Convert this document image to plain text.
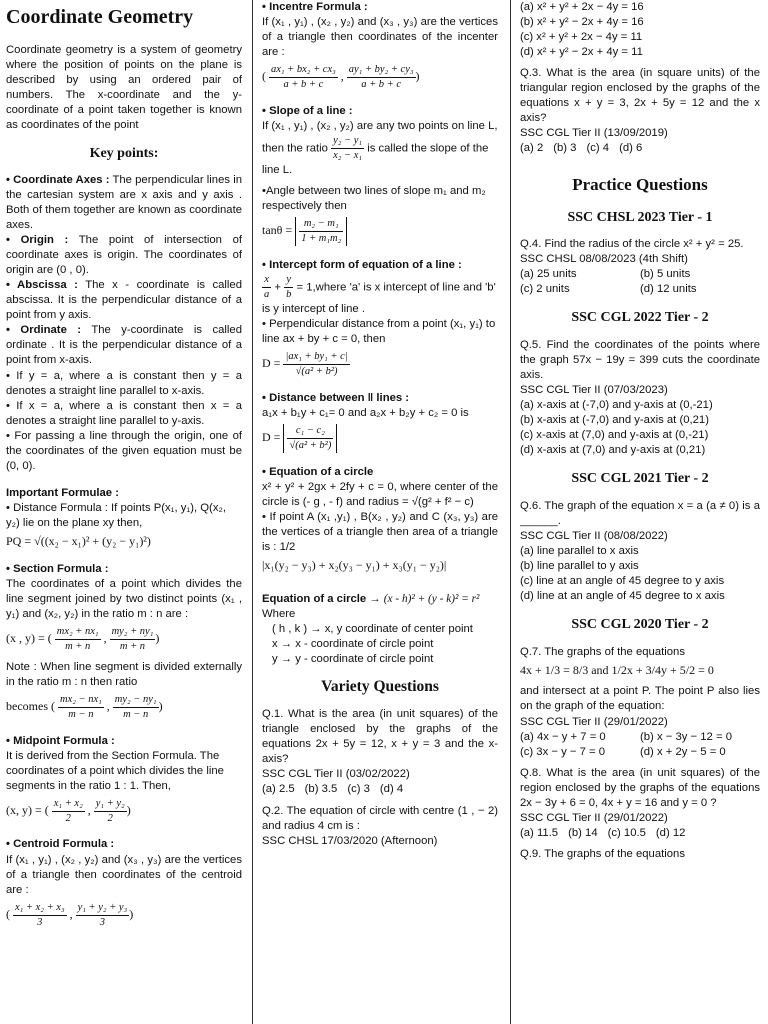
Coordinate Geometry

Coordinate geometry is a system of geometry where the position of points on the plane is described by using an ordered pair of numbers. The x-coordinate and the y- coordinate of a point taken together is known as coordinates of the point

Key points:

• Coordinate Axes : The perpendicular lines in the cartesian system are x axis and y axis . Both of them together are known as coordinate axes.

• Origin : The point of intersection of coordinate axes is origin. The coordinates of origin are (0 , 0).

• Abscissa : The x - coordinate is called abscissa. It is the perpendicular distance of a point from y axis.

• Ordinate : The y-coordinate is called ordinate . It is the perpendicular distance of a point from x-axis.

• If y = a, where a is constant then y = a denotes a straight line parallel to x-axis.

• If x = a, where a is constant then x = a denotes a straight line parallel to y-axis.

• For passing a line through the origin, one of the coordinates of the given equation must be (0, 0).

Important Formulae :

• Distance Formula : If points P(x₁, y₁), Q(x₂, y₂) lie on the plane xy then,

PQ = √((x₂ − x₁)² + (y₂ − y₁)²)

• Section Formula :

The coordinates of a point which divides the line segment joined by two distinct points (x₁ , y₁) and (x₂, y₂) in the ratio m : n are :

(x , y) = ( $\frac{\text{mx₂ + nx₁}}{m + n}$ , $\frac{\text{my₂ + ny₁}}{m + n}$ )

Note : When line segment is divided externally in the ratio m : n then ratio

becomes ( $\frac{\text{mx₂ − nx₁}}{m - n}$ , $\frac{\text{my₂ − ny₁}}{m - n}$ )

• Midpoint Formula :

It is derived from the Section Formula. The coordinates of a point which divides the line segments in the ratio 1 : 1. Then,

(x, y) = ( $\frac{\text{x₁ + x₂}}{2}$ , $\frac{\text{y₁ + y₂}}{2}$ )

• Centroid Formula :

If (x₁ , y₁) , (x₂ , y₂) and (x₃ , y₃) are the vertices of a triangle then coordinates of the centroid are :

( $\frac{\text{x₁ + x₂ + x₃}}{3}$ , $\frac{\text{y₁ + y₂ + y₃}}{3}$ )

• Incentre Formula :

If (x₁ , y₁) , (x₂ , y₂) and (x₃ , y₃) are the vertices of a triangle then coordinates of the incenter are :

( $\frac{\text{ax₁ + bx₂ + cx₃}}{a + b + c}$ , $\frac{\text{ay₁ + by₂ + cy₃}}{a + b + c}$ )

• Slope of a line :

If (x₁ , y₁) , (x₂ , y₂) are any two points on line L, then the ratio $\frac{\text{y₂ − y₁}}{\text{x₂ − x₁}}$ is called the slope of the line L.

•Angle between two lines of slope m₁ and m₂ respectively then

$\tan\theta = \frac{\text{m₂ − m₁}}{\text{1 + m₁m₂}}$

• Intercept form of equation of a line :

$\frac{x}{a} + \frac{y}{b}$ = 1,where 'a' is x intercept of line and 'b' is y intercept of line .

• Perpendicular distance from a point (x₁, y₁) to line ax + by + c = 0, then

$D = \frac{\text{|ax₁ + by₁ + c|}}{\text{√(a² + b²)}}$

• Distance between ‖ lines :

a₁x + b₁y + c₁= 0 and a₂x + b₂y + c₂ = 0 is

$D = \frac{\text{c₁ − c₂}}{\text{√(a² + b²)}}$

• Equation of a circle

x² + y² + 2gx + 2fy + c = 0, where center of the circle is (- g , - f) and radius = √(g² + f² − c)

• If point A (x₁ ,y₁) , B(x₂ , y₂) and C (x₃, y₃) are the vertices of a triangle then area of a triangle is : 1/2

|x₁(y₂ − y₃) + x₂(y₃ − y₁) + x₃(y₁ − y₂)|

Equation of a circle → (x - h)² + (y - k)² = r²

Where

( h , k ) → x, y coordinate of center point

x → x - coordinate of circle point

y → y - coordinate of circle point

Variety Questions

Q.1. What is the area (in unit squares) of the triangle enclosed by the graphs of the equations 2x + 5y = 12, x + y = 3 and the x-axis?

SSC CGL Tier II (03/02/2022)

(a) 2.5 (b) 3.5 (c) 3 (d) 4

Q.2. The equation of circle with centre (1 , − 2) and radius 4 cm is :

SSC CHSL 17/03/2020 (Afternoon)

(a) x² + y² + 2x − 4y = 16

(b) x² + y² − 2x + 4y = 16

(c) x² + y² + 2x − 4y = 11

(d) x² + y² − 2x + 4y = 11

Q.3. What is the area (in square units) of the triangular region enclosed by the graphs of the equations x + y = 3, 2x + 5y = 12 and the x axis?

SSC CGL Tier II (13/09/2019)

(a) 2 (b) 3 (c) 4 (d) 6

Practice Questions
SSC CHSL 2023 Tier - 1

Q.4. Find the radius of the circle x² + y² = 25.

SSC CHSL 08/08/2023 (4th Shift)

(a) 25 units	(b) 5 units
(c) 2 units	(d) 12 units
SSC CGL 2022 Tier - 2

Q.5. Find the coordinates of the points where the graph 57x − 19y = 399 cuts the coordinate axis.

SSC CGL Tier II (07/03/2023)

(a) x-axis at (-7,0) and y-axis at (0,-21)

(b) x-axis at (-7,0) and y-axis at (0,21)

(c) x-axis at (7,0) and y-axis at (0,-21)

(d) x-axis at (7,0) and y-axis at (0,21)

SSC CGL 2021 Tier - 2

Q.6. The graph of the equation x = a (a ≠ 0) is a ______.

SSC CGL Tier II (08/08/2022)

(a) line parallel to x axis

(b) line parallel to y axis

(c) line at an angle of 45 degree to y axis

(d) line at an angle of 45 degree to x axis

SSC CGL 2020 Tier - 2

Q.7. The graphs of the equations

4x + 1/3 = 8/3 and 1/2x + 3/4y + 5/2 = 0

and intersect at a point P. The point P also lies on the graph of the equation:

SSC CGL Tier II (29/01/2022)

(a) 4x − y + 7 = 0	(b) x − 3y − 12 = 0
(c) 3x − y − 7 = 0	(d) x + 2y − 5 = 0

Q.8. What is the area (in unit squares) of the region enclosed by the graphs of the equations 2x − 3y + 6 = 0, 4x + y = 16 and y = 0 ?

SSC CGL Tier II (29/01/2022)

(a) 11.5 (b) 14 (c) 10.5 (d) 12

Q.9. The graphs of the equations
